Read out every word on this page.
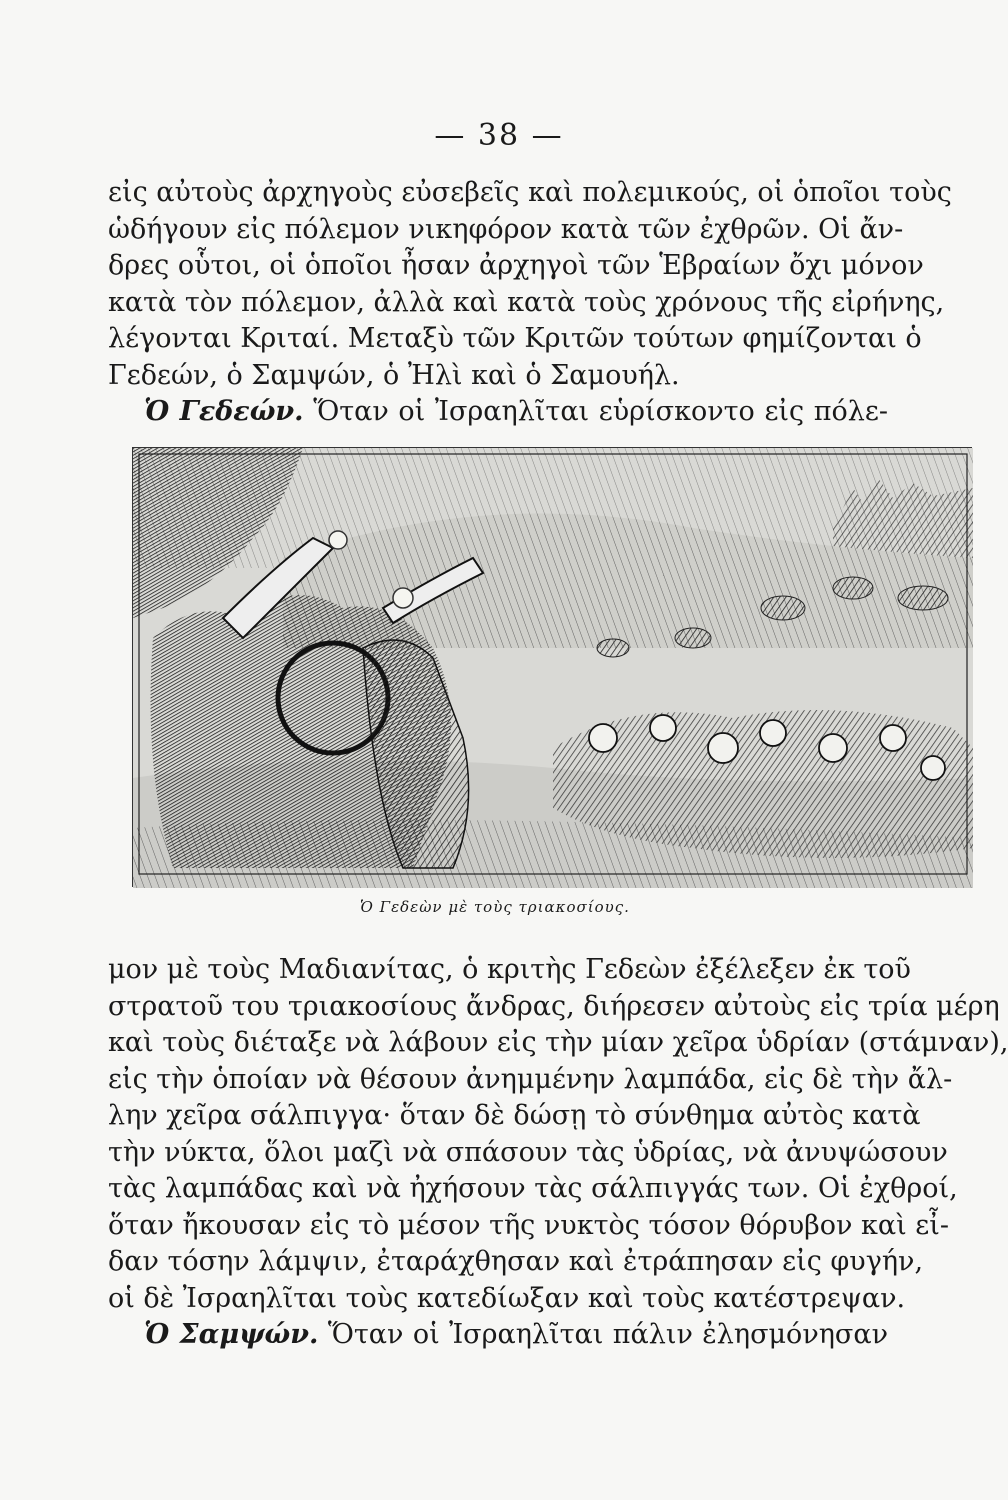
— 38 —
εἰς αὐτοὺς ἀρχηγοὺς εὐσεβεῖς καὶ πολεμικούς, οἱ ὁποῖοι τοὺς
ὡδήγουν εἰς πόλεμον νικηφόρον κατὰ τῶν ἐχθρῶν. Οἱ ἄν-
δρες οὗτοι, οἱ ὁποῖοι ἦσαν ἀρχηγοὶ τῶν Ἑβραίων ὄχι μόνον
κατὰ τὸν πόλεμον, ἀλλὰ καὶ κατὰ τοὺς χρόνους τῆς εἰρήνης,
λέγονται Κριταί. Μεταξὺ τῶν Κριτῶν τούτων φημίζονται ὁ
Γεδεών, ὁ Σαμψών, ὁ Ἠλὶ καὶ ὁ Σαμουήλ.
Ὁ Γεδεών. Ὅταν οἱ Ἰσραηλῖται εὑρίσκοντο εἰς πόλε-
Ὁ Γεδεὼν μὲ τοὺς τριακοσίους.
μον μὲ τοὺς Μαδιανίτας, ὁ κριτὴς Γεδεὼν ἐξέλεξεν ἐκ τοῦ
στρατοῦ του τριακοσίους ἄνδρας, διήρεσεν αὐτοὺς εἰς τρία μέρη
καὶ τοὺς διέταξε νὰ λάβουν εἰς τὴν μίαν χεῖρα ὑδρίαν (στάμναν),
εἰς τὴν ὁποίαν νὰ θέσουν ἀνημμένην λαμπάδα, εἰς δὲ τὴν ἄλ-
λην χεῖρα σάλπιγγα· ὅταν δὲ δώσῃ τὸ σύνθημα αὐτὸς κατὰ
τὴν νύκτα, ὅλοι μαζὶ νὰ σπάσουν τὰς ὑδρίας, νὰ ἀνυψώσουν
τὰς λαμπάδας καὶ νὰ ἠχήσουν τὰς σάλπιγγάς των. Οἱ ἐχθροί,
ὅταν ἤκουσαν εἰς τὸ μέσον τῆς νυκτὸς τόσον θόρυβον καὶ εἶ-
δαν τόσην λάμψιν, ἐταράχθησαν καὶ ἐτράπησαν εἰς φυγήν,
οἱ δὲ Ἰσραηλῖται τοὺς κατεδίωξαν καὶ τοὺς κατέστρεψαν.
Ὁ Σαμψών. Ὅταν οἱ Ἰσραηλῖται πάλιν ἐλησμόνησαν
